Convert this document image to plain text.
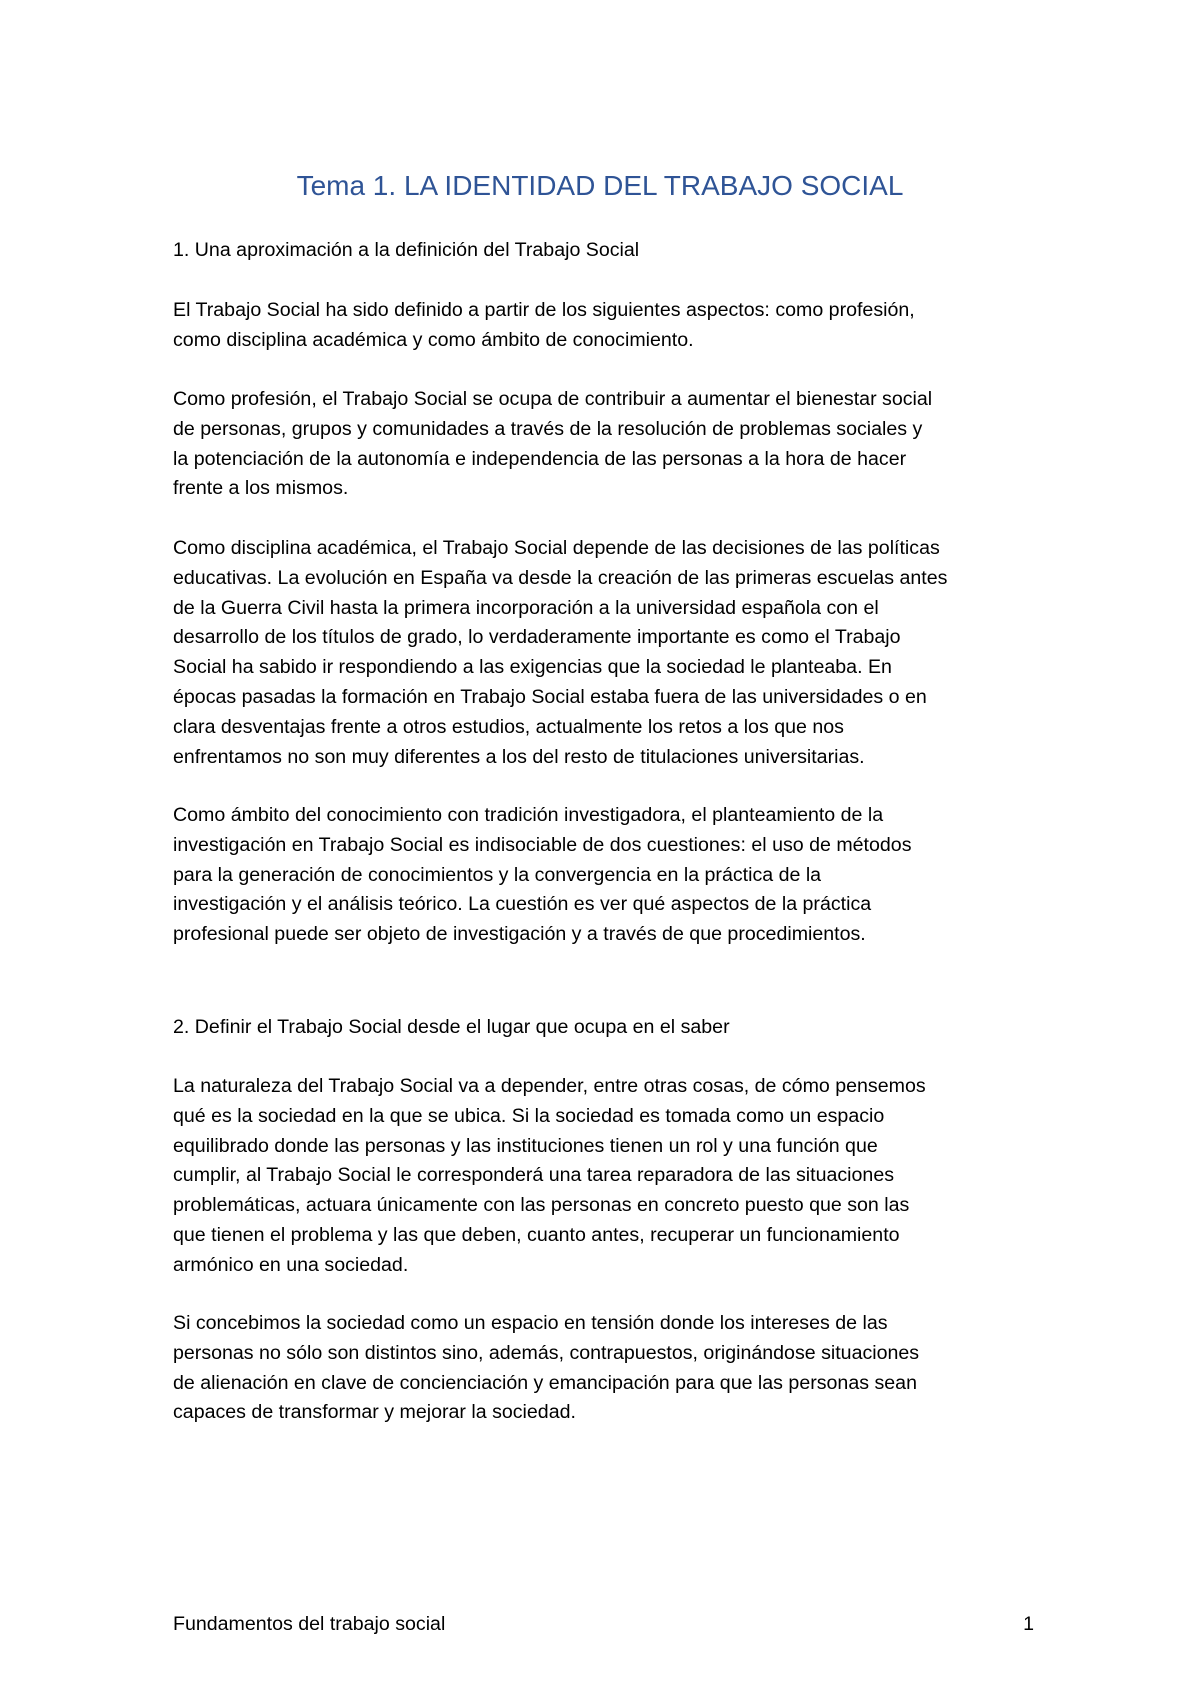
Tema 1. LA IDENTIDAD DEL TRABAJO SOCIAL

1. Una aproximación a la definición del Trabajo Social

El Trabajo Social ha sido definido a partir de los siguientes aspectos: como profesión,
como disciplina académica y como ámbito de conocimiento.

Como profesión, el Trabajo Social se ocupa de contribuir a aumentar el bienestar social
de personas, grupos y comunidades a través de la resolución de problemas sociales y
la potenciación de la autonomía e independencia de las personas a la hora de hacer
frente a los mismos.

Como disciplina académica, el Trabajo Social depende de las decisiones de las políticas
educativas. La evolución en España va desde la creación de las primeras escuelas antes
de la Guerra Civil hasta la primera incorporación a la universidad española con el
desarrollo de los títulos de grado, lo verdaderamente importante es como el Trabajo
Social ha sabido ir respondiendo a las exigencias que la sociedad le planteaba. En
épocas pasadas la formación en Trabajo Social estaba fuera de las universidades o en
clara desventajas frente a otros estudios, actualmente los retos a los que nos
enfrentamos no son muy diferentes a los del resto de titulaciones universitarias.

Como ámbito del conocimiento con tradición investigadora, el planteamiento de la
investigación en Trabajo Social es indisociable de dos cuestiones: el uso de métodos
para la generación de conocimientos y la convergencia en la práctica de la
investigación y el análisis teórico. La cuestión es ver qué aspectos de la práctica
profesional puede ser objeto de investigación y a través de que procedimientos.

2. Definir el Trabajo Social desde el lugar que ocupa en el saber

La naturaleza del Trabajo Social va a depender, entre otras cosas, de cómo pensemos
qué es la sociedad en la que se ubica. Si la sociedad es tomada como un espacio
equilibrado donde las personas y las instituciones tienen un rol y una función que
cumplir, al Trabajo Social le corresponderá una tarea reparadora de las situaciones
problemáticas, actuara únicamente con las personas en concreto puesto que son las
que tienen el problema y las que deben, cuanto antes, recuperar un funcionamiento
armónico en una sociedad.

Si concebimos la sociedad como un espacio en tensión donde los intereses de las
personas no sólo son distintos sino, además, contrapuestos, originándose situaciones
de alienación en clave de concienciación y emancipación para que las personas sean
capaces de transformar y mejorar la sociedad.

Fundamentos del trabajo social	1
